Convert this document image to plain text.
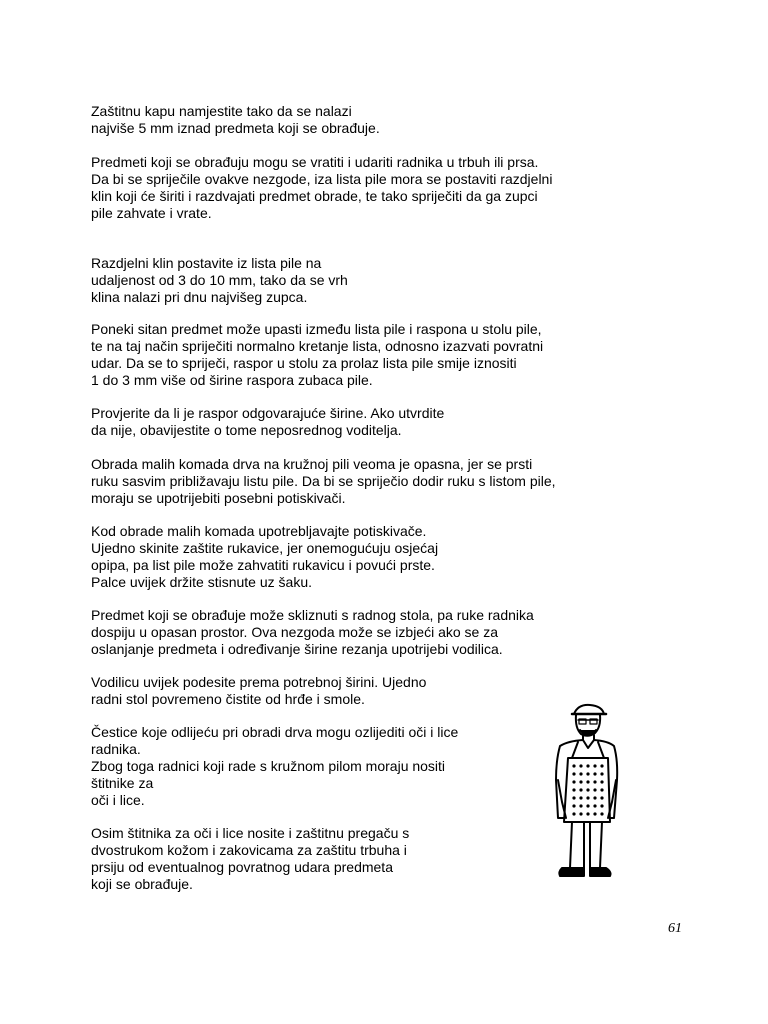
Zaštitnu kapu namjestite tako da se nalazi
najviše 5 mm iznad predmeta koji se obrađuje.
Predmeti koji se obrađuju mogu se vratiti i udariti radnika u trbuh ili prsa.
Da bi se spriječile ovakve nezgode, iza lista pile mora se postaviti razdjelni
klin koji će širiti i razdvajati predmet obrade, te tako spriječiti da ga zupci
pile zahvate i vrate.
Razdjelni klin postavite iz lista pile na
udaljenost od 3 do 10 mm, tako da se vrh
klina nalazi pri dnu najvišeg zupca.
Poneki sitan predmet može upasti između lista pile i raspona u stolu pile,
te na taj način spriječiti normalno kretanje lista, odnosno izazvati povratni
udar. Da se to spriječi, raspor u stolu za prolaz lista pile smije iznositi
1 do 3 mm više od širine raspora zubaca pile.
Provjerite da li je raspor odgovarajuće širine. Ako utvrdite
da nije, obavijestite o tome neposrednog voditelja.
Obrada malih komada drva na kružnoj pili veoma je opasna, jer se prsti
ruku sasvim približavaju listu pile. Da bi se spriječio dodir ruku s listom pile,
moraju se upotrijebiti posebni potiskivači.
Kod obrade malih komada upotrebljavajte potiskivače.
Ujedno skinite zaštite rukavice, jer onemogućuju osjećaj
opipa, pa list pile može zahvatiti rukavicu i povući prste.
Palce uvijek držite stisnute uz šaku.
Predmet koji se obrađuje može skliznuti s radnog stola, pa ruke radnika
dospiju u opasan prostor. Ova nezgoda može se izbjeći ako se za
oslanjanje predmeta i određivanje širine rezanja upotrijebi vodilica.
Vodilicu uvijek podesite prema potrebnoj širini. Ujedno
radni stol povremeno čistite od hrđe i smole.
Čestice koje odlijeću pri obradi drva mogu ozlijediti oči i lice
radnika.
Zbog toga radnici koji rade s kružnom pilom moraju nositi
štitnike za
oči i lice.
Osim štitnika za oči i lice nosite i zaštitnu pregaču s
dvostrukom kožom i zakovicama za zaštitu trbuha i
prsiju od eventualnog povratnog udara predmeta
koji se obrađuje.
61
